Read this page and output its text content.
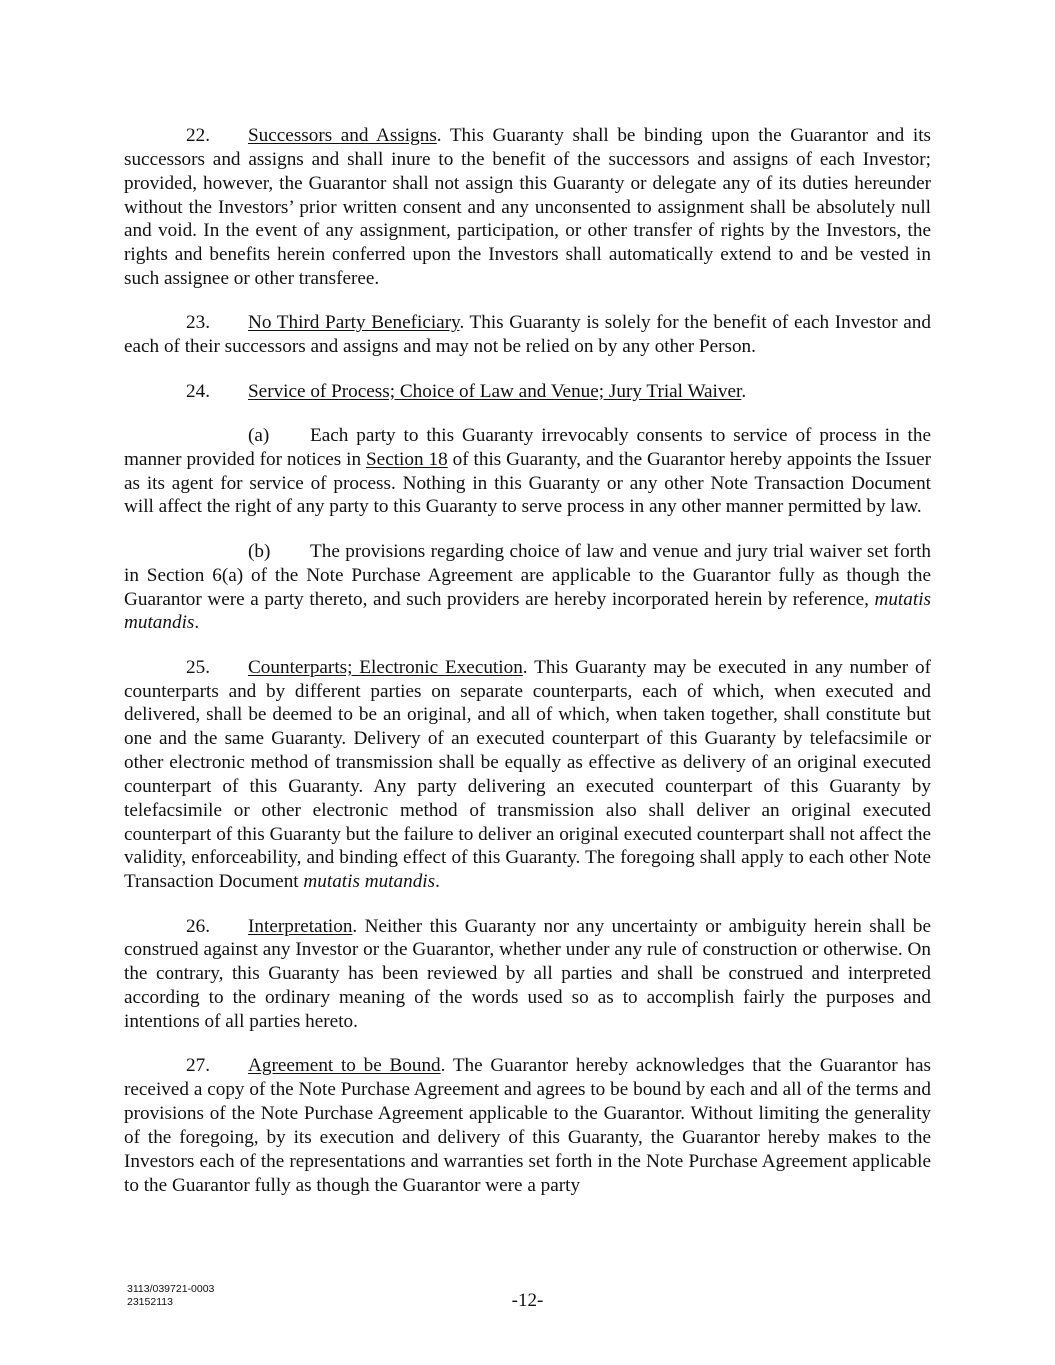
22. Successors and Assigns. This Guaranty shall be binding upon the Guarantor and its successors and assigns and shall inure to the benefit of the successors and assigns of each Investor; provided, however, the Guarantor shall not assign this Guaranty or delegate any of its duties hereunder without the Investors’ prior written consent and any unconsented to assignment shall be absolutely null and void. In the event of any assignment, participation, or other transfer of rights by the Investors, the rights and benefits herein conferred upon the Investors shall automatically extend to and be vested in such assignee or other transferee.

23. No Third Party Beneficiary. This Guaranty is solely for the benefit of each Investor and each of their successors and assigns and may not be relied on by any other Person.

24. Service of Process; Choice of Law and Venue; Jury Trial Waiver.

(a) Each party to this Guaranty irrevocably consents to service of process in the manner provided for notices in Section 18 of this Guaranty, and the Guarantor hereby appoints the Issuer as its agent for service of process. Nothing in this Guaranty or any other Note Transaction Document will affect the right of any party to this Guaranty to serve process in any other manner permitted by law.

(b) The provisions regarding choice of law and venue and jury trial waiver set forth in Section 6(a) of the Note Purchase Agreement are applicable to the Guarantor fully as though the Guarantor were a party thereto, and such providers are hereby incorporated herein by reference, mutatis mutandis.

25. Counterparts; Electronic Execution. This Guaranty may be executed in any number of counterparts and by different parties on separate counterparts, each of which, when executed and delivered, shall be deemed to be an original, and all of which, when taken together, shall constitute but one and the same Guaranty. Delivery of an executed counterpart of this Guaranty by telefacsimile or other electronic method of transmission shall be equally as effective as delivery of an original executed counterpart of this Guaranty. Any party delivering an executed counterpart of this Guaranty by telefacsimile or other electronic method of transmission also shall deliver an original executed counterpart of this Guaranty but the failure to deliver an original executed counterpart shall not affect the validity, enforceability, and binding effect of this Guaranty. The foregoing shall apply to each other Note Transaction Document mutatis mutandis.

26. Interpretation. Neither this Guaranty nor any uncertainty or ambiguity herein shall be construed against any Investor or the Guarantor, whether under any rule of construction or otherwise. On the contrary, this Guaranty has been reviewed by all parties and shall be construed and interpreted according to the ordinary meaning of the words used so as to accomplish fairly the purposes and intentions of all parties hereto.

27. Agreement to be Bound. The Guarantor hereby acknowledges that the Guarantor has received a copy of the Note Purchase Agreement and agrees to be bound by each and all of the terms and provisions of the Note Purchase Agreement applicable to the Guarantor. Without limiting the generality of the foregoing, by its execution and delivery of this Guaranty, the Guarantor hereby makes to the Investors each of the representations and warranties set forth in the Note Purchase Agreement applicable to the Guarantor fully as though the Guarantor were a party

3113/039721-0003
23152113	-12-
